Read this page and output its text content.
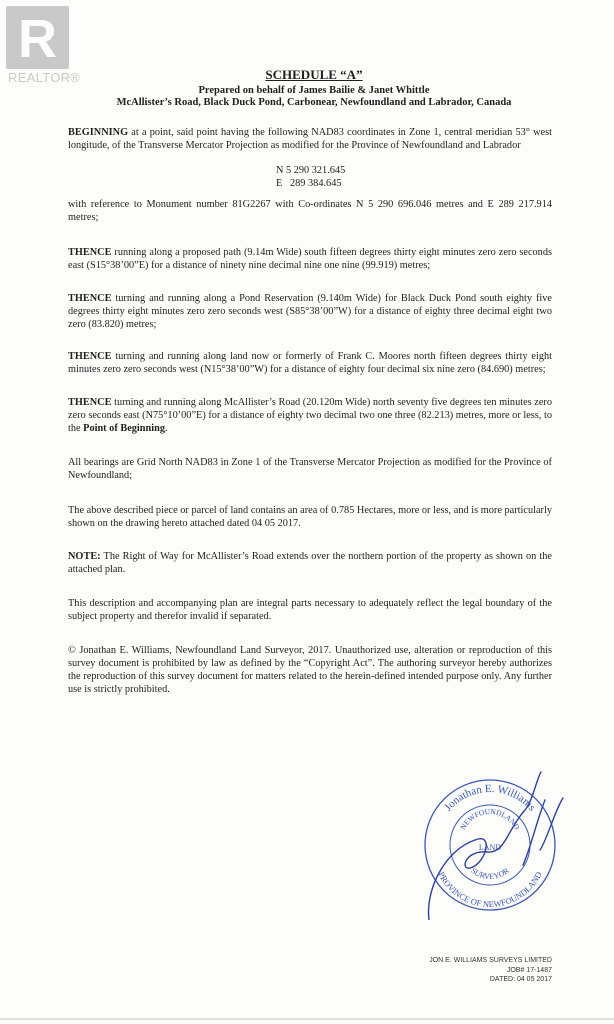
R
REALTOR®	SCHEDULE “A”
Prepared on behalf of James Bailie & Janet Whittle
McAllister’s Road, Black Duck Pond, Carbonear, Newfoundland and Labrador, Canada
BEGINNING at a point, said point having the following NAD83 coordinates in Zone 1, central meridian 53° west longitude, of the Transverse Mercator Projection as modified for the Province of Newfoundland and Labrador
N 5 290 321.645
E   289 384.645
with reference to Monument number 81G2267 with Co-ordinates N 5 290 696.046 metres and E 289 217.914 metres;
THENCE running along a proposed path (9.14m Wide) south fifteen degrees thirty eight minutes zero zero seconds east (S15°38’00”E) for a distance of ninety nine decimal nine one nine (99.919) metres;
THENCE turning and running along a Pond Reservation (9.140m Wide) for Black Duck Pond south eighty five degrees thirty eight minutes zero zero seconds west (S85°38’00”W) for a distance of eighty three decimal eight two zero (83.820) metres;
THENCE turning and running along land now or formerly of Frank C. Moores north fifteen degrees thirty eight minutes zero zero seconds west (N15°38’00”W) for a distance of eighty four decimal six nine zero (84.690) metres;
THENCE turning and running along McAllister’s Road (20.120m Wide) north seventy five degrees ten minutes zero zero seconds east (N75°10’00”E) for a distance of eighty two decimal two one three (82.213) metres, more or less, to the Point of Beginning.
All bearings are Grid North NAD83 in Zone 1 of the Transverse Mercator Projection as modified for the Province of Newfoundland;
The above described piece or parcel of land contains an area of 0.785 Hectares, more or less, and is more particularly shown on the drawing hereto attached dated 04 05 2017.
NOTE: The Right of Way for McAllister’s Road extends over the northern portion of the property as shown on the attached plan.
This description and accompanying plan are integral parts necessary to adequately reflect the legal boundary of the subject property and therefor invalid if separated.
© Jonathan E. Williams, Newfoundland Land Surveyor, 2017. Unauthorized use, alteration or reproduction of this survey document is prohibited by law as defined by the “Copyright Act”. The authoring surveyor hereby authorizes the reproduction of this survey document for matters related to the herein-defined intended purpose only. Any further use is strictly prohibited.
Jonathan E. Williams
PROVINCE OF NEWFOUNDLAND
NEWFOUNDLAND
LAND
SURVEYOR
JON E. WILLIAMS SURVEYS LIMITED
JOB# 17-1487
DATED: 04 05 2017
